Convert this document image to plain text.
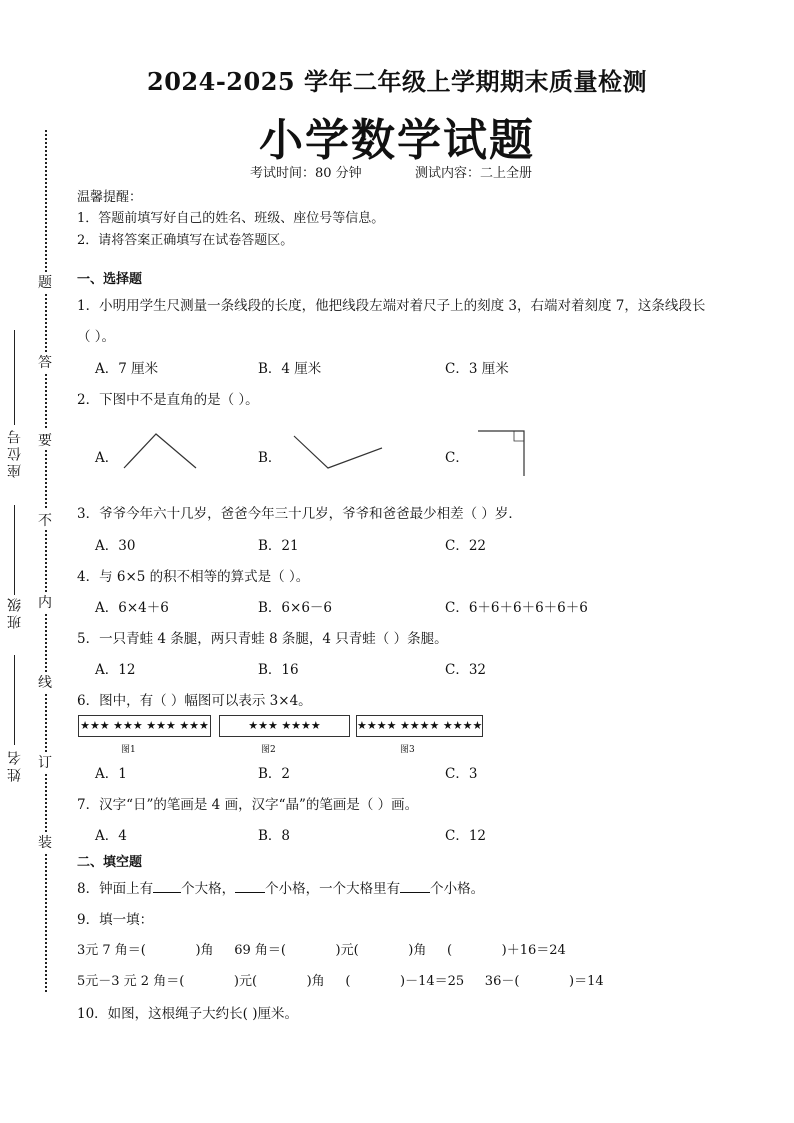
2024-2025 学年二年级上学期期末质量检测
小学数学试题
考试时间：80 分钟	测试内容：二上全册
温馨提醒：
1．答题前填写好自己的姓名、班级、座位号等信息。
2．请将答案正确填写在试卷答题区。
题
答
要
不
内
线
订
装
座位号
班级
姓名
一、选择题
1．小明用学生尺测量一条线段的长度，他把线段左端对着尺子上的刻度 3，右端对着刻度 7，这条线段长
（ ）。
A．7 厘米	B．4 厘米	C．3 厘米
2．下图中不是直角的是（ ）。
A．	B．	C．
3．爷爷今年六十几岁，爸爸今年三十几岁，爷爷和爸爸最少相差（ ）岁．
A．30	B．21	C．22
4．与 6×5 的积不相等的算式是（ ）。
A．6×4＋6	B．6×6－6	C．6＋6＋6＋6＋6＋6
5．一只青蛙 4 条腿，两只青蛙 8 条腿，4 只青蛙（ ）条腿。
A．12	B．16	C．32
6．图中，有（ ）幅图可以表示 3×4。
★★★ ★★★ ★★★ ★★★
图1
★★★ ★★★★
图2
★★★★ ★★★★ ★★★★
图3
A．1	B．2	C．3
7．汉字“日”的笔画是 4 画，汉字“晶”的笔画是（ ）画。
A．4	B．8	C．12
二、填空题
8．钟面上有 个大格， 个小格，一个大格里有 个小格。
9．填一填：
3元 7 角＝(            )角     69 角＝(            )元(            )角     (            )＋16＝24
5元－3 元 2 角＝(            )元(            )角     (            )－14＝25     36－(            )＝14
10．如图，这根绳子大约长( )厘米。
